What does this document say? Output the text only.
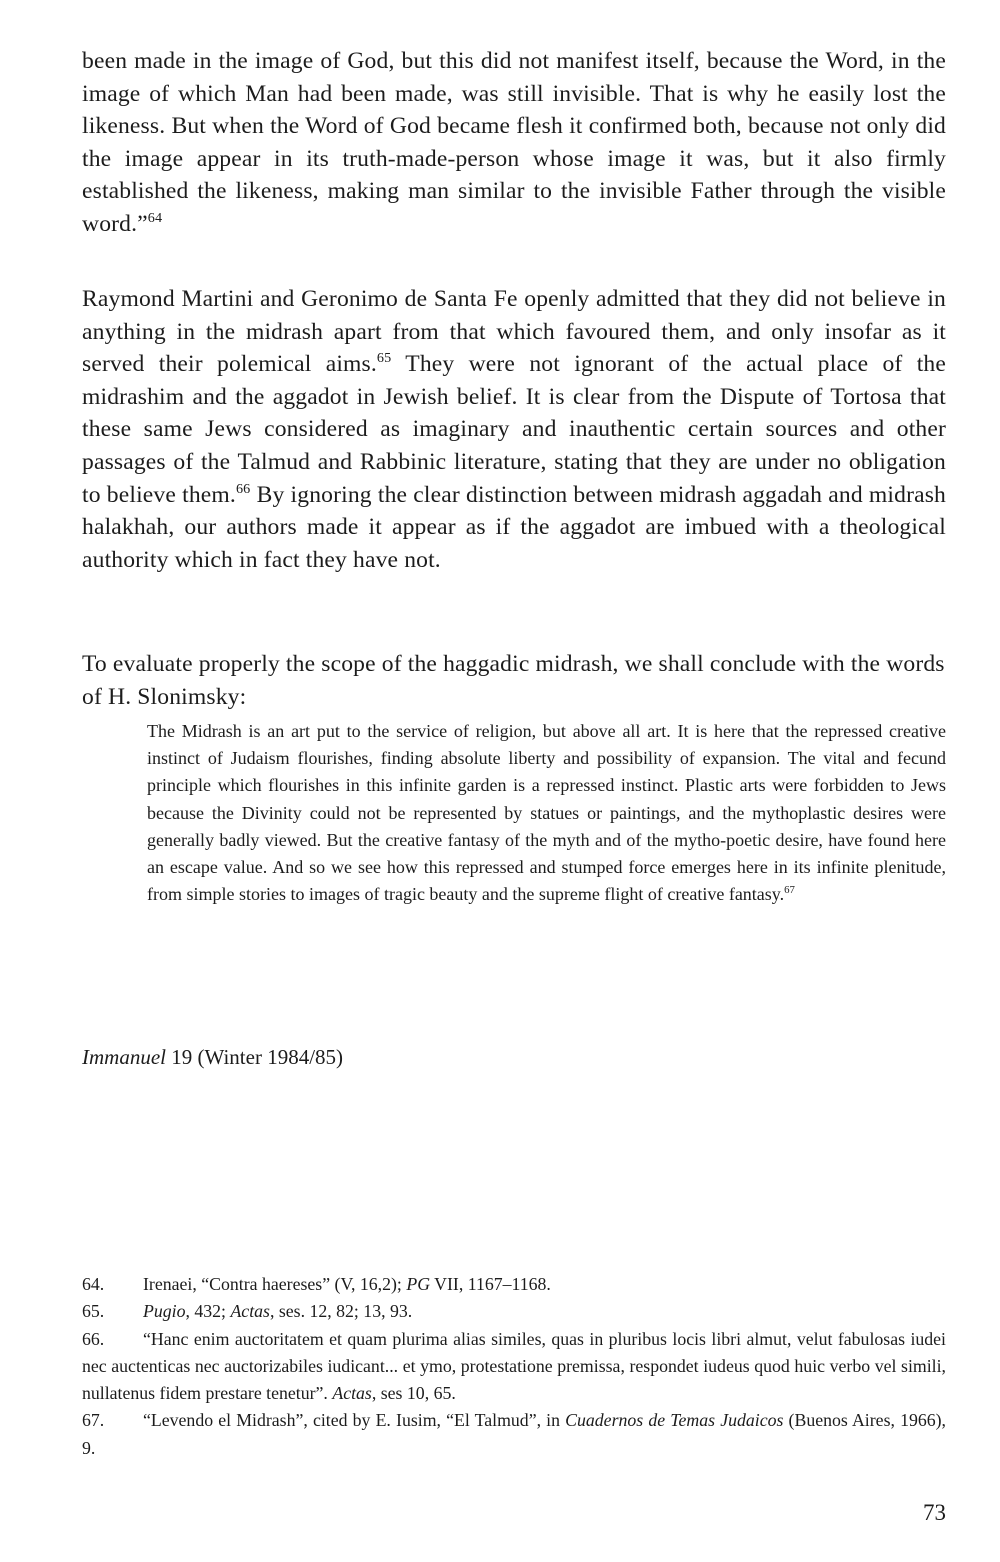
been made in the image of God, but this did not manifest itself, because the Word, in the image of which Man had been made, was still invisible. That is why he easily lost the likeness. But when the Word of God became flesh it confirmed both, because not only did the image appear in its truth-made-person whose image it was, but it also firmly established the likeness, making man similar to the invisible Father through the visible word.”$^{64}$

Raymond Martini and Geronimo de Santa Fe openly admitted that they did not believe in anything in the midrash apart from that which favoured them, and only insofar as it served their polemical aims.$^{65}$ They were not ignorant of the actual place of the midrashim and the aggadot in Jewish belief. It is clear from the Dispute of Tortosa that these same Jews considered as imaginary and inauthentic certain sources and other passages of the Talmud and Rabbinic literature, stating that they are under no obligation to believe them.$^{66}$ By ignoring the clear distinction between midrash aggadah and midrash halakhah, our authors made it appear as if the aggadot are imbued with a theological authority which in fact they have not.

To evaluate properly the scope of the haggadic midrash, we shall conclude with the words of H. Slonimsky:

The Midrash is an art put to the service of religion, but above all art. It is here that the repressed creative instinct of Judaism flourishes, finding absolute liberty and possibility of expansion. The vital and fecund principle which flourishes in this infinite garden is a repressed instinct. Plastic arts were forbidden to Jews because the Divinity could not be represented by statues or paintings, and the mythoplastic desires were generally badly viewed. But the creative fantasy of the myth and of the mytho-poetic desire, have found here an escape value. And so we see how this repressed and stumped force emerges here in its infinite plenitude, from simple stories to images of tragic beauty and the supreme flight of creative fantasy.$^{67}$

Immanuel 19 (Winter 1984/85)
64. Irenaei, “Contra haereses” (V, 16,2); PG VII, 1167–1168.
65. Pugio, 432; Actas, ses. 12, 82; 13, 93.
66. “Hanc enim auctoritatem et quam plurima alias similes, quas in pluribus locis libri almut, velut fabulosas iudei nec auctenticas nec auctorizabiles iudicant... et ymo, protestatione premissa, respondet iudeus quod huic verbo vel simili, nullatenus fidem prestare tenetur”. Actas, ses 10, 65.
67. “Levendo el Midrash”, cited by E. Iusim, “El Talmud”, in Cuadernos de Temas Judaicos (Buenos Aires, 1966), 9.
73
